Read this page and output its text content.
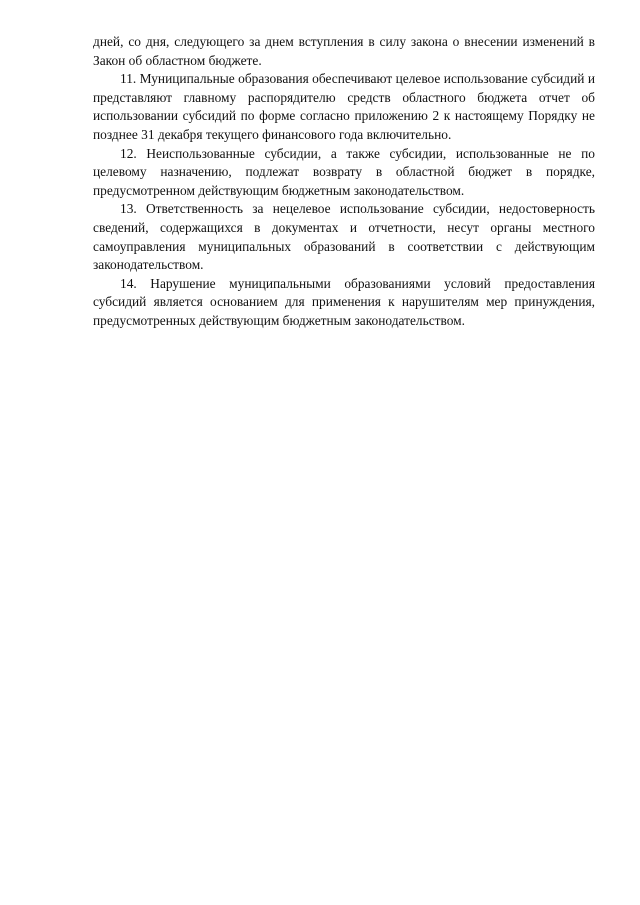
дней, со дня, следующего за днем вступления в силу закона о внесении изменений в Закон об областном бюджете.

11. Муниципальные образования обеспечивают целевое использование субсидий и представляют главному распорядителю средств областного бюджета отчет об использовании субсидий по форме согласно приложению 2 к настоящему Порядку не позднее 31 декабря текущего финансового года включительно.

12. Неиспользованные субсидии, а также субсидии, использованные не по целевому назначению, подлежат возврату в областной бюджет в порядке, предусмотренном действующим бюджетным законодательством.

13. Ответственность за нецелевое использование субсидии, недостоверность сведений, содержащихся в документах и отчетности, несут органы местного самоуправления муниципальных образований в соответствии с действующим законодательством.

14. Нарушение муниципальными образованиями условий предоставления субсидий является основанием для применения к нарушителям мер принуждения, предусмотренных действующим бюджетным законодательством.
